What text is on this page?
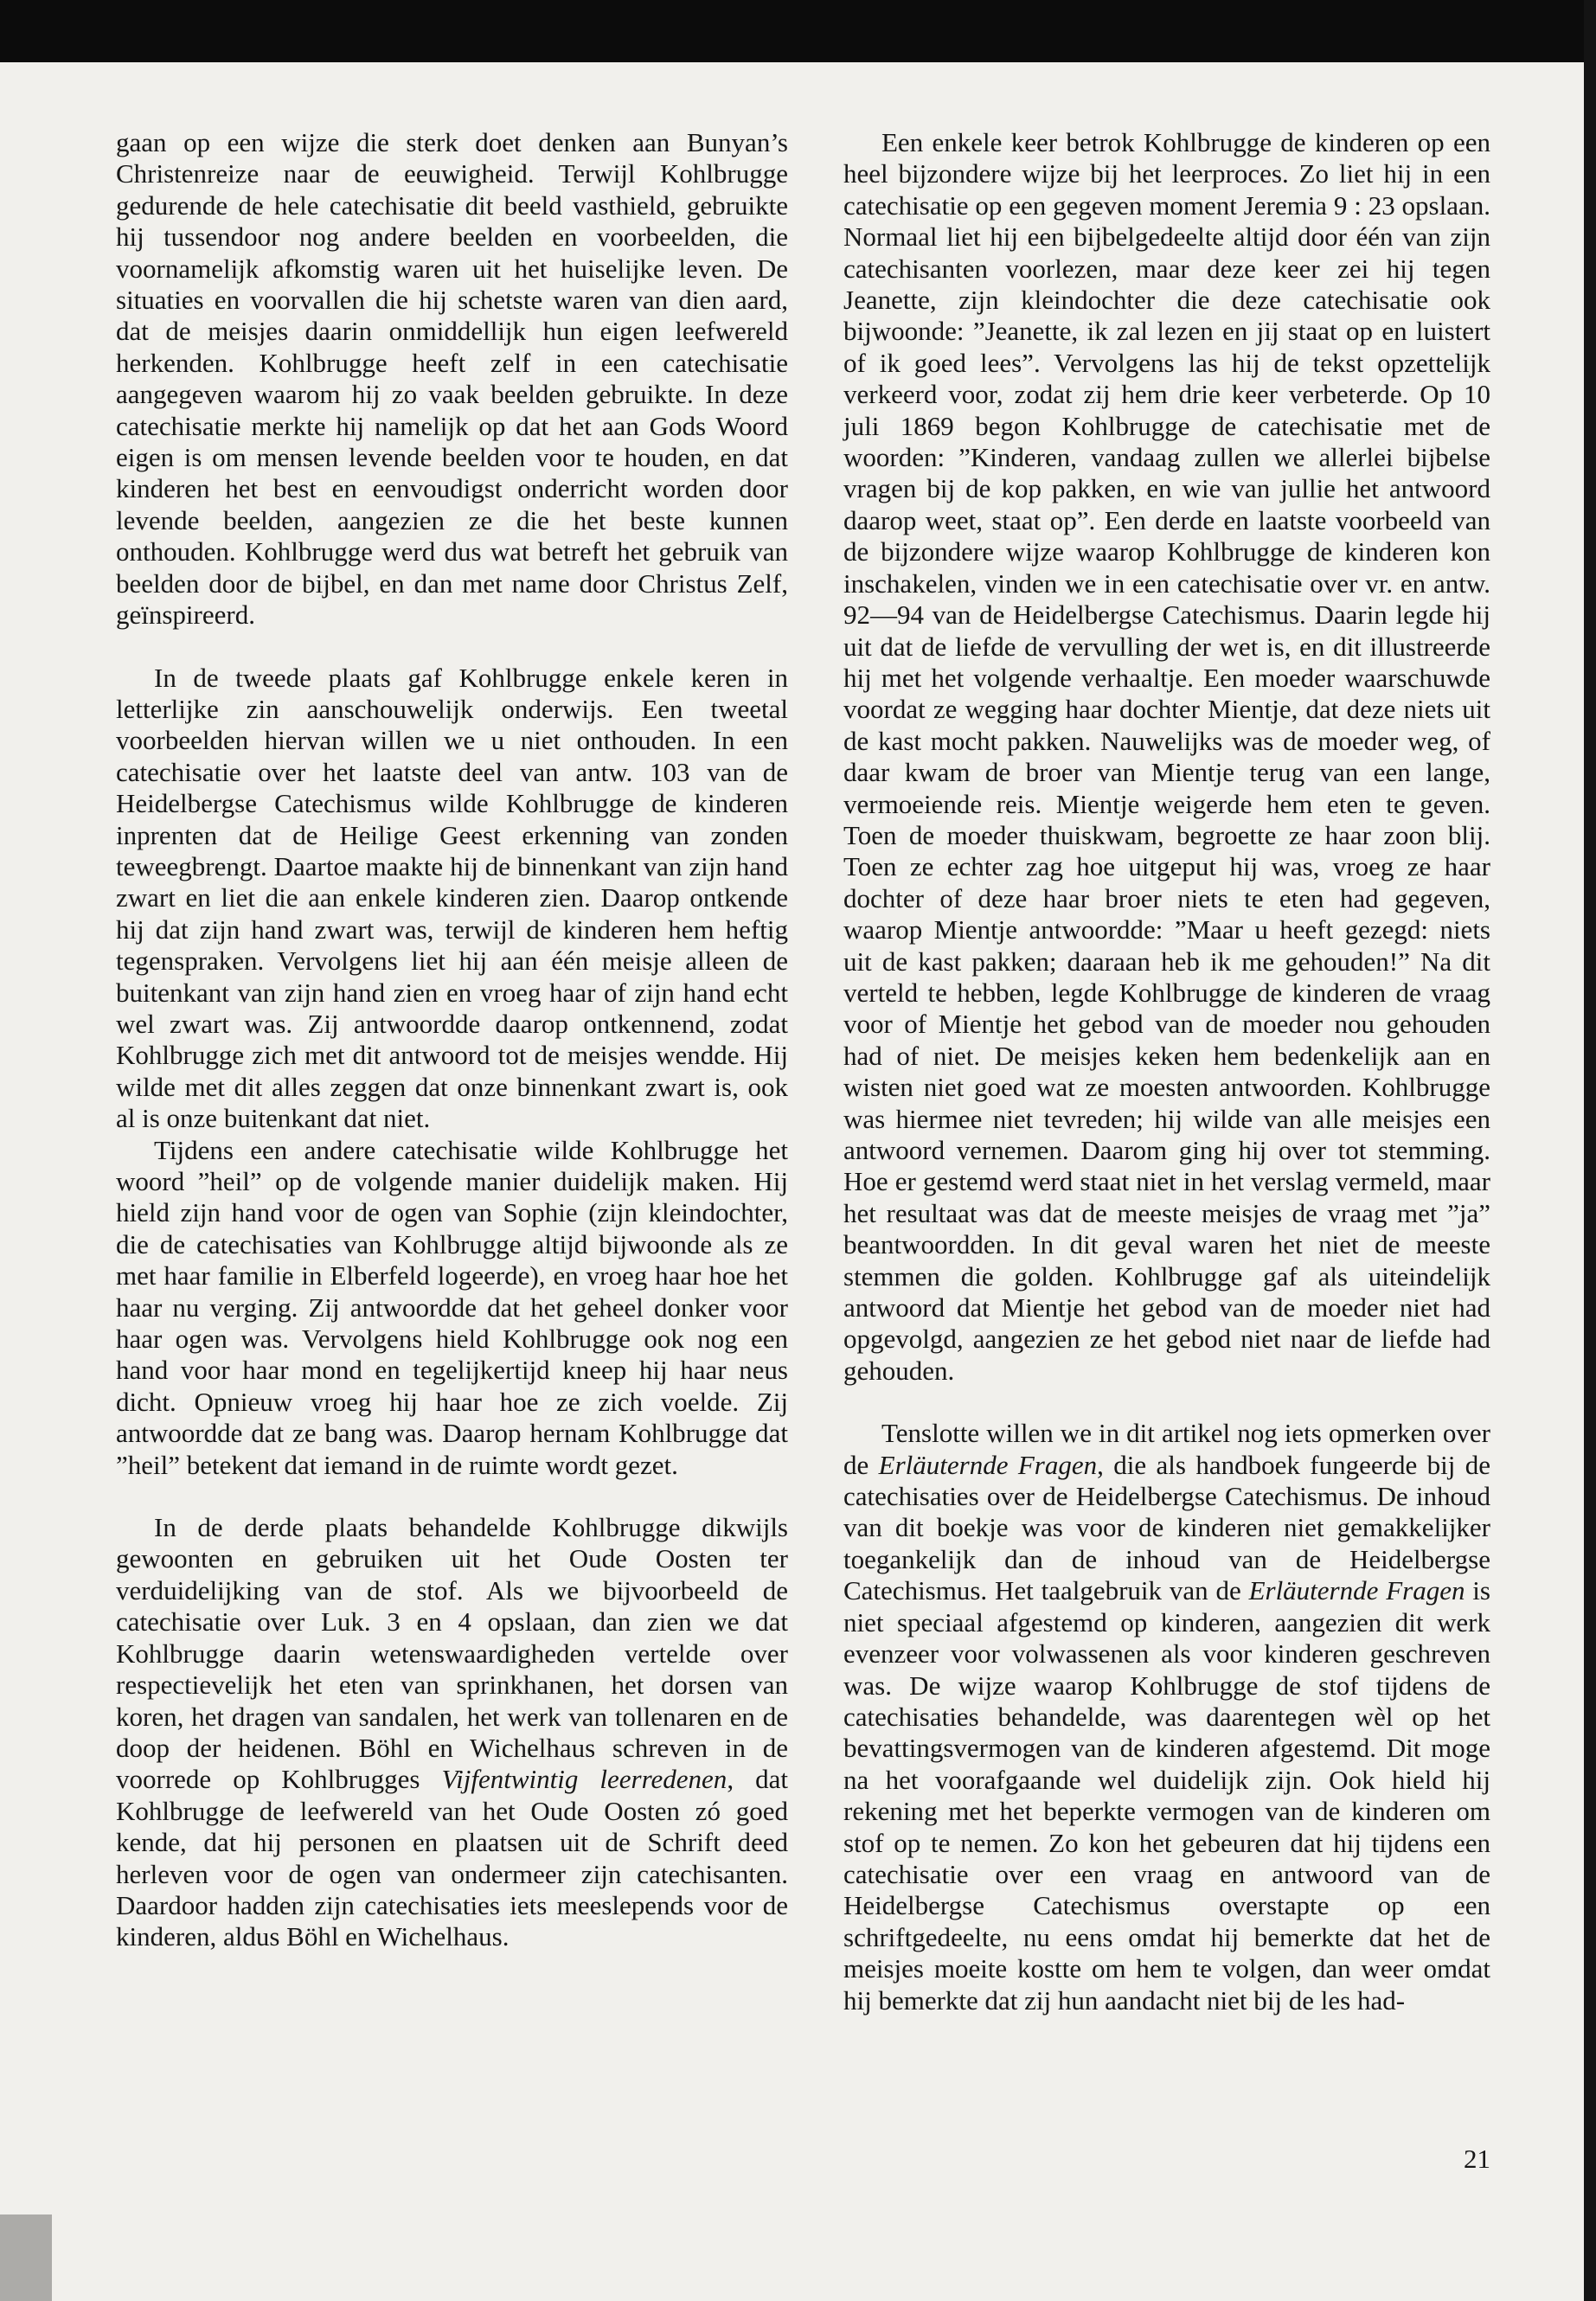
gaan op een wijze die sterk doet denken aan Bunyan’s Christenreize naar de eeuwigheid. Terwijl Kohlbrugge gedurende de hele catechisatie dit beeld vasthield, gebruikte hij tussendoor nog andere beelden en voorbeelden, die voornamelijk afkomstig waren uit het huiselijke leven. De situaties en voorvallen die hij schetste waren van dien aard, dat de meisjes daarin onmiddellijk hun eigen leefwereld herkenden. Kohlbrugge heeft zelf in een catechisatie aangegeven waarom hij zo vaak beelden gebruikte. In deze catechisatie merkte hij namelijk op dat het aan Gods Woord eigen is om mensen levende beelden voor te houden, en dat kinderen het best en eenvoudigst onderricht worden door levende beelden, aangezien ze die het beste kunnen onthouden. Kohlbrugge werd dus wat betreft het gebruik van beelden door de bijbel, en dan met name door Christus Zelf, geïnspireerd.

In de tweede plaats gaf Kohlbrugge enkele keren in letterlijke zin aanschouwelijk onderwijs. Een tweetal voorbeelden hiervan willen we u niet onthouden. In een catechisatie over het laatste deel van antw. 103 van de Heidelbergse Catechismus wilde Kohlbrugge de kinderen inprenten dat de Heilige Geest erkenning van zonden teweegbrengt. Daartoe maakte hij de binnenkant van zijn hand zwart en liet die aan enkele kinderen zien. Daarop ontkende hij dat zijn hand zwart was, terwijl de kinderen hem heftig tegenspraken. Vervolgens liet hij aan één meisje alleen de buitenkant van zijn hand zien en vroeg haar of zijn hand echt wel zwart was. Zij antwoordde daarop ontkennend, zodat Kohlbrugge zich met dit antwoord tot de meisjes wendde. Hij wilde met dit alles zeggen dat onze binnenkant zwart is, ook al is onze buitenkant dat niet.

Tijdens een andere catechisatie wilde Kohlbrugge het woord ”heil” op de volgende manier duidelijk maken. Hij hield zijn hand voor de ogen van Sophie (zijn kleindochter, die de catechisaties van Kohlbrugge altijd bijwoonde als ze met haar familie in Elberfeld logeerde), en vroeg haar hoe het haar nu verging. Zij antwoordde dat het geheel donker voor haar ogen was. Vervolgens hield Kohlbrugge ook nog een hand voor haar mond en tegelijkertijd kneep hij haar neus dicht. Opnieuw vroeg hij haar hoe ze zich voelde. Zij antwoordde dat ze bang was. Daarop hernam Kohlbrugge dat ”heil” betekent dat iemand in de ruimte wordt gezet.

In de derde plaats behandelde Kohlbrugge dikwijls gewoonten en gebruiken uit het Oude Oosten ter verduidelijking van de stof. Als we bijvoorbeeld de catechisatie over Luk. 3 en 4 opslaan, dan zien we dat Kohlbrugge daarin wetenswaardigheden vertelde over respectievelijk het eten van sprinkhanen, het dorsen van koren, het dragen van sandalen, het werk van tollenaren en de doop der heidenen. Böhl en Wichelhaus schreven in de voorrede op Kohlbrugges Vijfentwintig leerredenen, dat Kohlbrugge de leefwereld van het Oude Oosten zó goed kende, dat hij personen en plaatsen uit de Schrift deed herleven voor de ogen van ondermeer zijn catechisanten. Daardoor hadden zijn catechisaties iets meeslepends voor de kinderen, aldus Böhl en Wichelhaus.

Een enkele keer betrok Kohlbrugge de kinderen op een heel bijzondere wijze bij het leerproces. Zo liet hij in een catechisatie op een gegeven moment Jeremia 9 : 23 opslaan. Normaal liet hij een bijbelgedeelte altijd door één van zijn catechisanten voorlezen, maar deze keer zei hij tegen Jeanette, zijn kleindochter die deze catechisatie ook bijwoonde: ”Jeanette, ik zal lezen en jij staat op en luistert of ik goed lees”. Vervolgens las hij de tekst opzettelijk verkeerd voor, zodat zij hem drie keer verbeterde. Op 10 juli 1869 begon Kohlbrugge de catechisatie met de woorden: ”Kinderen, vandaag zullen we allerlei bijbelse vragen bij de kop pakken, en wie van jullie het antwoord daarop weet, staat op”. Een derde en laatste voorbeeld van de bijzondere wijze waarop Kohlbrugge de kinderen kon inschakelen, vinden we in een catechisatie over vr. en antw. 92—94 van de Heidelbergse Catechismus. Daarin legde hij uit dat de liefde de vervulling der wet is, en dit illustreerde hij met het volgende verhaaltje. Een moeder waarschuwde voordat ze wegging haar dochter Mientje, dat deze niets uit de kast mocht pakken. Nauwelijks was de moeder weg, of daar kwam de broer van Mientje terug van een lange, vermoeiende reis. Mientje weigerde hem eten te geven. Toen de moeder thuiskwam, begroette ze haar zoon blij. Toen ze echter zag hoe uitgeput hij was, vroeg ze haar dochter of deze haar broer niets te eten had gegeven, waarop Mientje antwoordde: ”Maar u heeft gezegd: niets uit de kast pakken; daaraan heb ik me gehouden!” Na dit verteld te hebben, legde Kohlbrugge de kinderen de vraag voor of Mientje het gebod van de moeder nou gehouden had of niet. De meisjes keken hem bedenkelijk aan en wisten niet goed wat ze moesten antwoorden. Kohlbrugge was hiermee niet tevreden; hij wilde van alle meisjes een antwoord vernemen. Daarom ging hij over tot stemming. Hoe er gestemd werd staat niet in het verslag vermeld, maar het resultaat was dat de meeste meisjes de vraag met ”ja” beantwoordden. In dit geval waren het niet de meeste stemmen die golden. Kohlbrugge gaf als uiteindelijk antwoord dat Mientje het gebod van de moeder niet had opgevolgd, aangezien ze het gebod niet naar de liefde had gehouden.

Tenslotte willen we in dit artikel nog iets opmerken over de Erläuternde Fragen, die als handboek fungeerde bij de catechisaties over de Heidelbergse Catechismus. De inhoud van dit boekje was voor de kinderen niet gemakkelijker toegankelijk dan de inhoud van de Heidelbergse Catechismus. Het taalgebruik van de Erläuternde Fragen is niet speciaal afgestemd op kinderen, aangezien dit werk evenzeer voor volwassenen als voor kinderen geschreven was. De wijze waarop Kohlbrugge de stof tijdens de catechisaties behandelde, was daarentegen wèl op het bevattingsvermogen van de kinderen afgestemd. Dit moge na het voorafgaande wel duidelijk zijn. Ook hield hij rekening met het beperkte vermogen van de kinderen om stof op te nemen. Zo kon het gebeuren dat hij tijdens een catechisatie over een vraag en antwoord van de Heidelbergse Catechismus overstapte op een schriftgedeelte, nu eens omdat hij bemerkte dat het de meisjes moeite kostte om hem te volgen, dan weer omdat hij bemerkte dat zij hun aandacht niet bij de les had-

21
